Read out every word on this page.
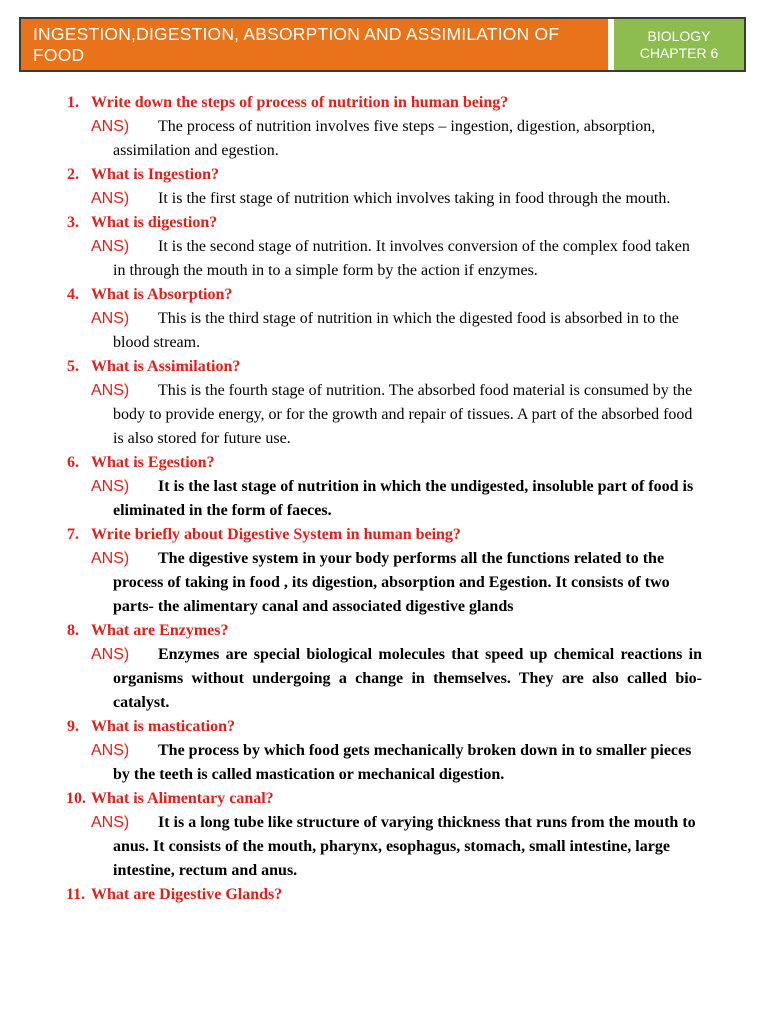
INGESTION,DIGESTION, ABSORPTION AND ASSIMILATION OF FOOD
BIOLOGY
CHAPTER 6
1. Write down the steps of process of nutrition in human being?
ANS) The process of nutrition involves five steps – ingestion, digestion, absorption, assimilation and egestion.
2. What is Ingestion?
ANS) It is the first stage of nutrition which involves taking in food through the mouth.
3. What is digestion?
ANS) It is the second stage of nutrition. It involves conversion of the complex food taken in through the mouth in to a simple form by the action if enzymes.
4. What is Absorption?
ANS) This is the third stage of nutrition in which the digested food is absorbed in to the blood stream.
5. What is Assimilation?
ANS) This is the fourth stage of nutrition. The absorbed food material is consumed by the body to provide energy, or for the growth and repair of tissues. A part of the absorbed food is also stored for future use.
6. What is Egestion?
ANS) It is the last stage of nutrition in which the undigested, insoluble part of food is eliminated in the form of faeces.
7. Write briefly about Digestive System in human being?
ANS) The digestive system in your body performs all the functions related to the process of taking in food , its digestion, absorption and Egestion. It consists of two parts- the alimentary canal and associated digestive glands
8. What are Enzymes?
ANS) Enzymes are special biological molecules that speed up chemical reactions in organisms without undergoing a change in themselves. They are also called bio-catalyst.
9. What is mastication?
ANS) The process by which food gets mechanically broken down in to smaller pieces by the teeth is called mastication or mechanical digestion.
10. What is Alimentary canal?
ANS) It is a long tube like structure of varying thickness that runs from the mouth to anus. It consists of the mouth, pharynx, esophagus, stomach, small intestine, large intestine, rectum and anus.
11. What are Digestive Glands?
